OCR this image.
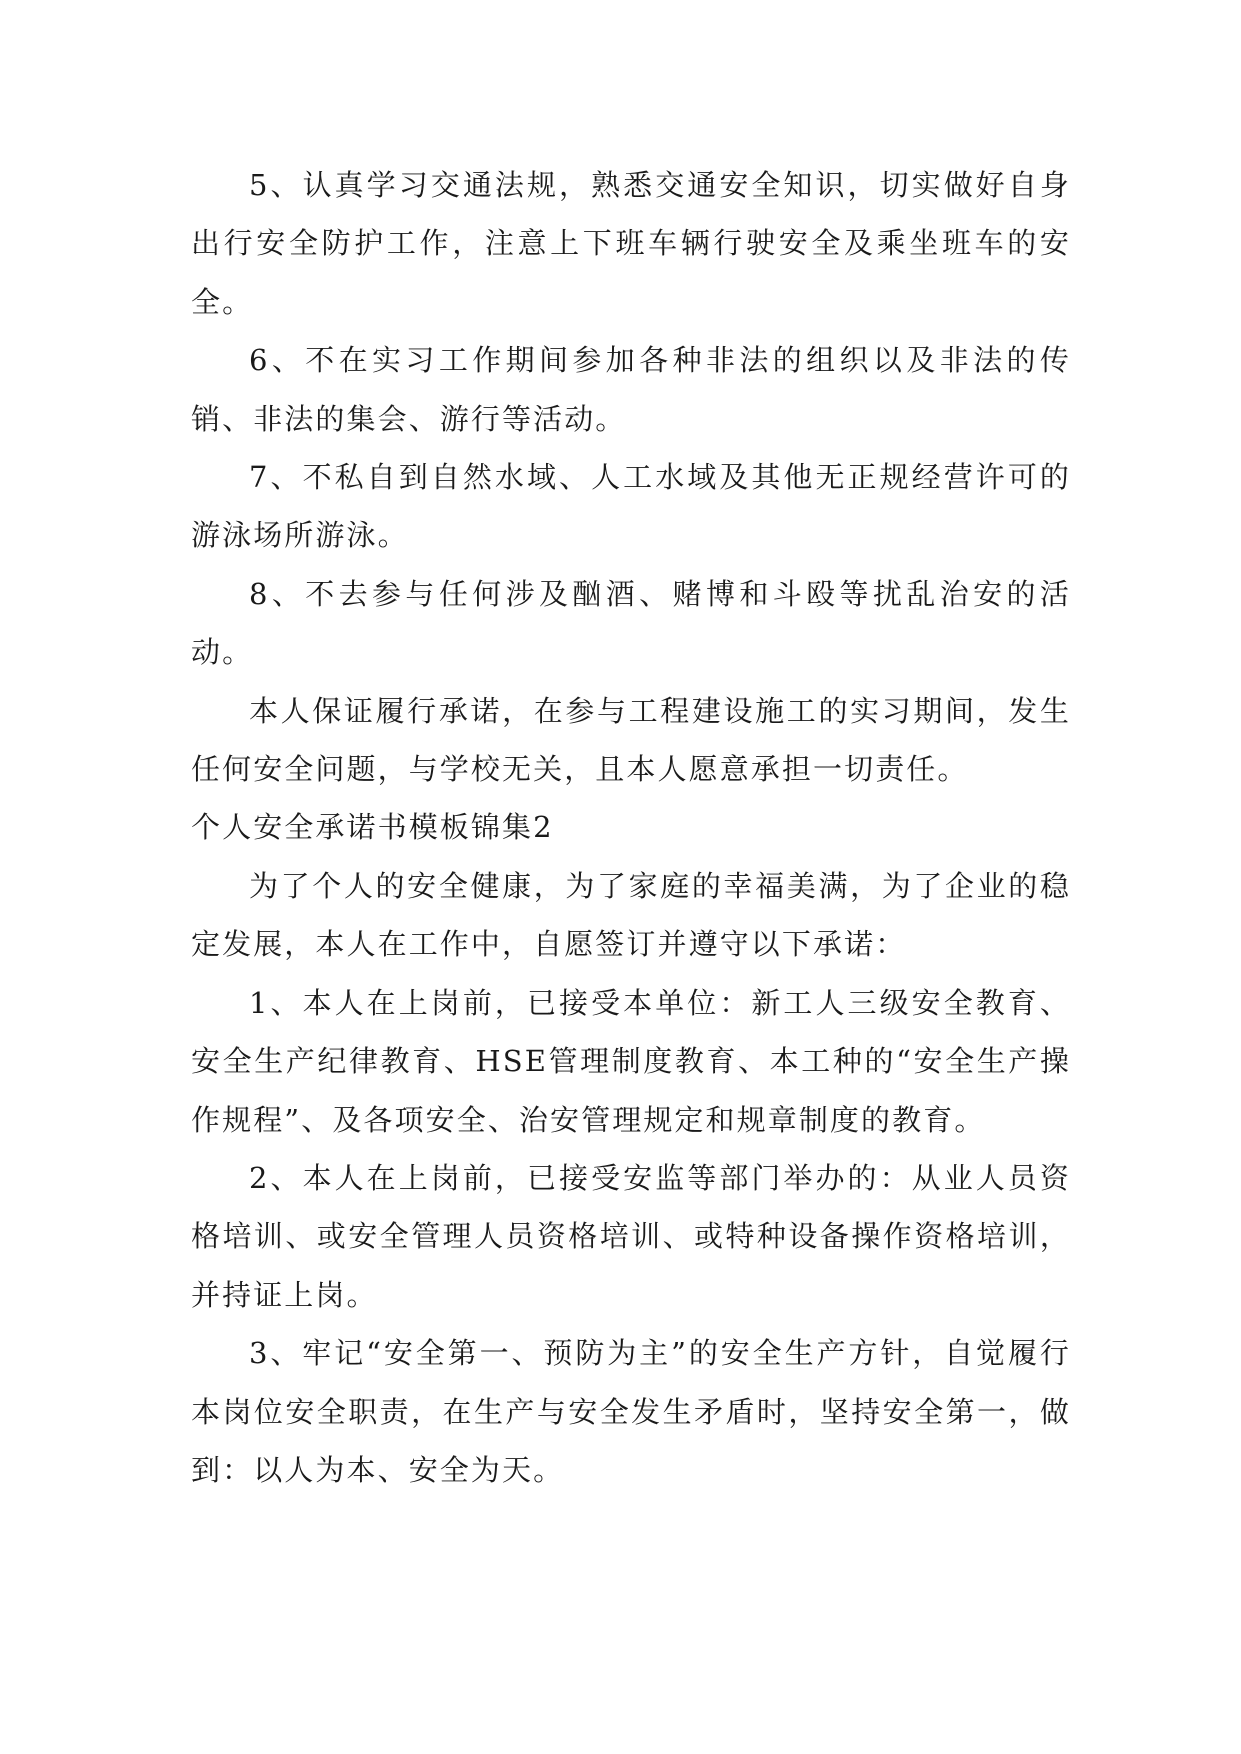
5、认真学习交通法规，熟悉交通安全知识，切实做好自身出行安全防护工作，注意上下班车辆行驶安全及乘坐班车的安全。

6、不在实习工作期间参加各种非法的组织以及非法的传销、非法的集会、游行等活动。

7、不私自到自然水域、人工水域及其他无正规经营许可的游泳场所游泳。

8、不去参与任何涉及酗酒、赌博和斗殴等扰乱治安的活动。

本人保证履行承诺，在参与工程建设施工的实习期间，发生任何安全问题，与学校无关，且本人愿意承担一切责任。

个人安全承诺书模板锦集2

为了个人的安全健康，为了家庭的幸福美满，为了企业的稳定发展，本人在工作中，自愿签订并遵守以下承诺：

1、本人在上岗前，已接受本单位：新工人三级安全教育、安全生产纪律教育、HSE管理制度教育、本工种的“安全生产操作规程”、及各项安全、治安管理规定和规章制度的教育。

2、本人在上岗前，已接受安监等部门举办的：从业人员资格培训、或安全管理人员资格培训、或特种设备操作资格培训，并持证上岗。

3、牢记“安全第一、预防为主”的安全生产方针，自觉履行本岗位安全职责，在生产与安全发生矛盾时，坚持安全第一，做到：以人为本、安全为天。
